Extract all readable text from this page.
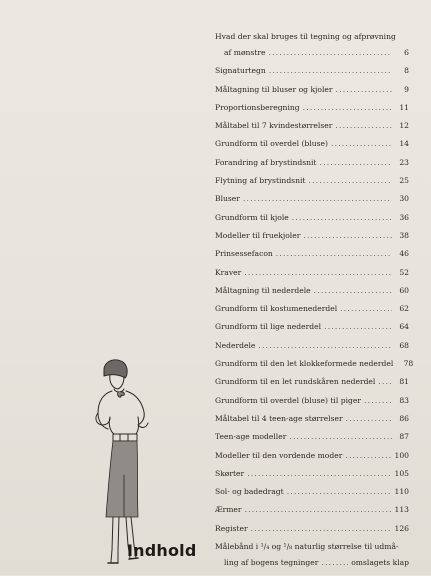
Hvad der skal bruges til tegning og afprøvning
af mønstre .....	6
Signaturtegn .....	8
Måltagning til bluser og kjoler .....	9
Proportionsberegning .....	11
Måltabel til 7 kvindestørrelser .....	12
Grundform til overdel (bluse) .....	14
Forandring af brystindsnit .....	23
Flytning af brystindsnit .....	25
Bluser .....	30
Grundform til kjole .....	36
Modeller til fruekjoler .....	38
Prinsessefacon .....	46
Kraver .....	52
Måltagning til nederdele .....	60
Grundform til kostumenederdel .....	62
Grundform til lige nederdel .....	64
Nederdele .....	68
Grundform til den let klokkeformede nederdel	78
Grundform til en let rundskåren nederdel .....	81
Grundform til overdel (bluse) til piger .....	83
Måltabel til 4 teen-age størrelser .....	86
Teen-age modeller .....	87
Modeller til den vordende moder .....	100
Skørter .....	105
Sol- og badedragt .....	110
Ærmer .....	113
Register .....	126
Målebånd i ¹/₄ og ¹/₈ naturlig størrelse til udmå-
ling af bogens tegninger .....	omslagets klap
Indhold
